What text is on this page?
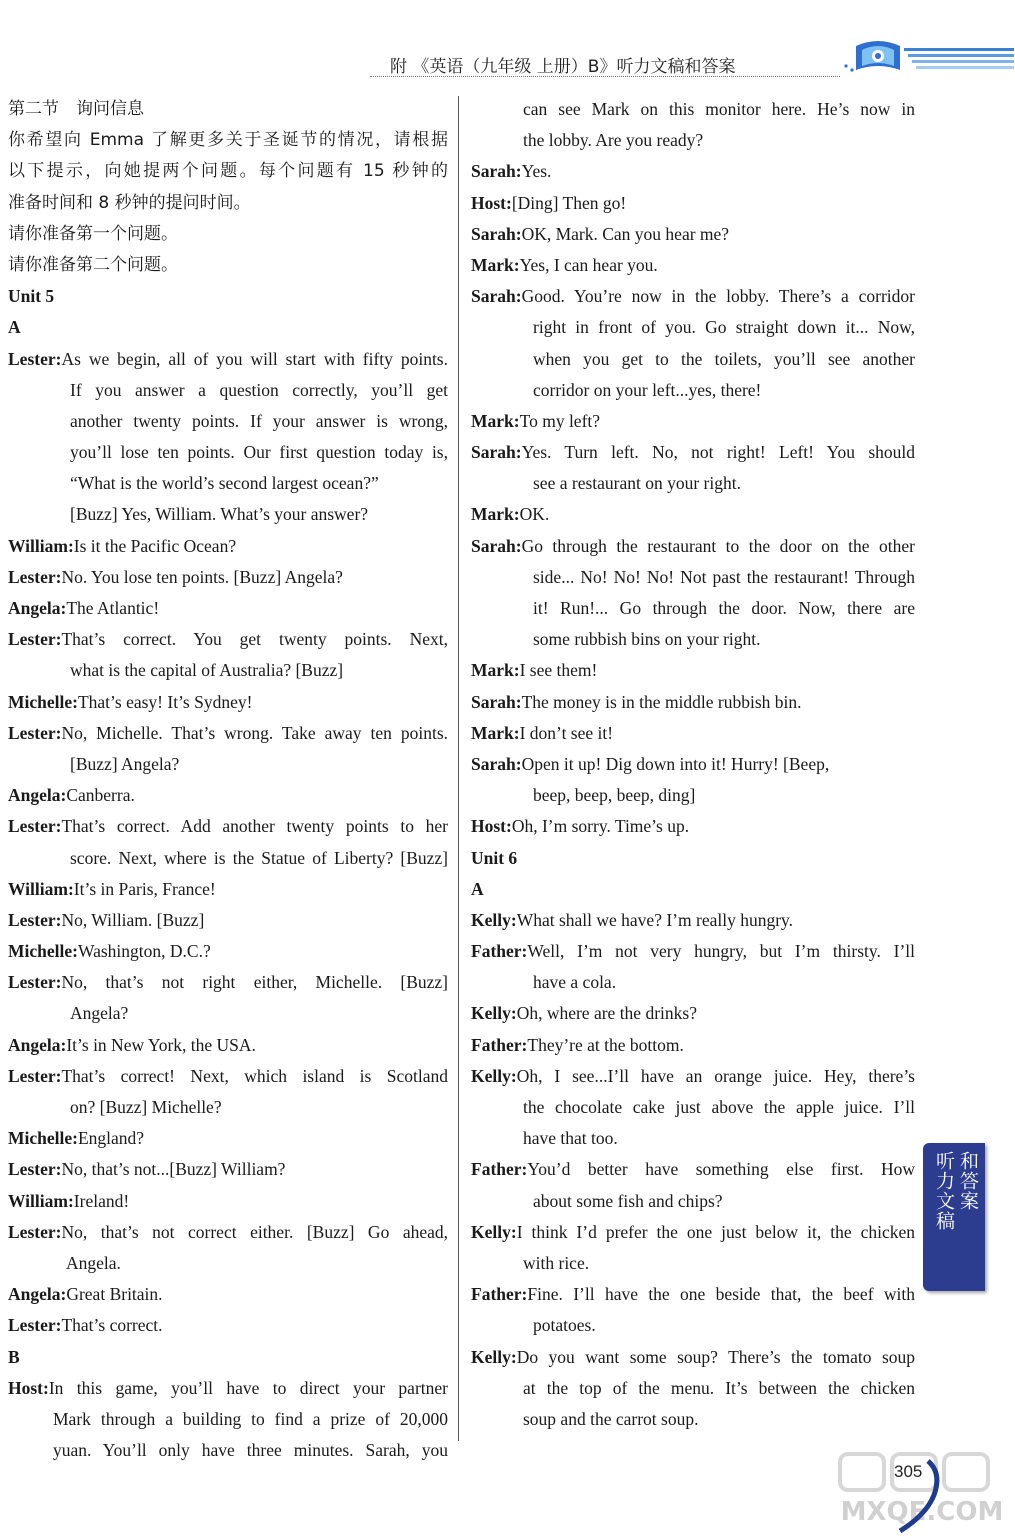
附 《英语（九年级 上册）B》听力文稿和答案
第二节　询问信息
你希望向 Emma 了解更多关于圣诞节的情况，请根据
以下提示，向她提两个问题。每个问题有 15 秒钟的
准备时间和 8 秒钟的提问时间。
请你准备第一个问题。
请你准备第二个问题。
Unit 5
A
Lester:As we begin, all of you will start with fifty points.
If you answer a question correctly, you’ll get
another twenty points. If your answer is wrong,
you’ll lose ten points. Our first question today is,
“What is the world’s second largest ocean?”
[Buzz] Yes, William. What’s your answer?
William:Is it the Pacific Ocean?
Lester:No. You lose ten points. [Buzz] Angela?
Angela:The Atlantic!
Lester:That’s correct. You get twenty points. Next,
what is the capital of Australia? [Buzz]
Michelle:That’s easy! It’s Sydney!
Lester:No, Michelle. That’s wrong. Take away ten points.
[Buzz] Angela?
Angela:Canberra.
Lester:That’s correct. Add another twenty points to her
score. Next, where is the Statue of Liberty? [Buzz]
William:It’s in Paris, France!
Lester:No, William. [Buzz]
Michelle:Washington, D.C.?
Lester:No, that’s not right either, Michelle. [Buzz]
Angela?
Angela:It’s in New York, the USA.
Lester:That’s correct! Next, which island is Scotland
on? [Buzz] Michelle?
Michelle:England?
Lester:No, that’s not...[Buzz] William?
William:Ireland!
Lester:No, that’s not correct either. [Buzz] Go ahead,
Angela.
Angela:Great Britain.
Lester:That’s correct.
B
Host:In this game, you’ll have to direct your partner
Mark through a building to find a prize of 20,000
yuan. You’ll only have three minutes. Sarah, you
can see Mark on this monitor here. He’s now in
the lobby. Are you ready?
Sarah:Yes.
Host:[Ding] Then go!
Sarah:OK, Mark. Can you hear me?
Mark:Yes, I can hear you.
Sarah:Good. You’re now in the lobby. There’s a corridor
right in front of you. Go straight down it... Now,
when you get to the toilets, you’ll see another
corridor on your left...yes, there!
Mark:To my left?
Sarah:Yes. Turn left. No, not right! Left! You should
see a restaurant on your right.
Mark:OK.
Sarah:Go through the restaurant to the door on the other
side... No! No! No! Not past the restaurant! Through
it! Run!... Go through the door. Now, there are
some rubbish bins on your right.
Mark:I see them!
Sarah:The money is in the middle rubbish bin.
Mark:I don’t see it!
Sarah:Open it up! Dig down into it! Hurry! [Beep,
beep, beep, beep, ding]
Host:Oh, I’m sorry. Time’s up.
Unit 6
A
Kelly:What shall we have? I’m really hungry.
Father:Well, I’m not very hungry, but I’m thirsty. I’ll
have a cola.
Kelly:Oh, where are the drinks?
Father:They’re at the bottom.
Kelly:Oh, I see...I’ll have an orange juice. Hey, there’s
the chocolate cake just above the apple juice. I’ll
have that too.
Father:You’d better have something else first. How
about some fish and chips?
Kelly:I think I’d prefer the one just below it, the chicken
with rice.
Father:Fine. I’ll have the one beside that, the beef with
potatoes.
Kelly:Do you want some soup? There’s the tomato soup
at the top of the menu. It’s between the chicken
soup and the carrot soup.
听力文稿 和答案
MXQE.COM
305
